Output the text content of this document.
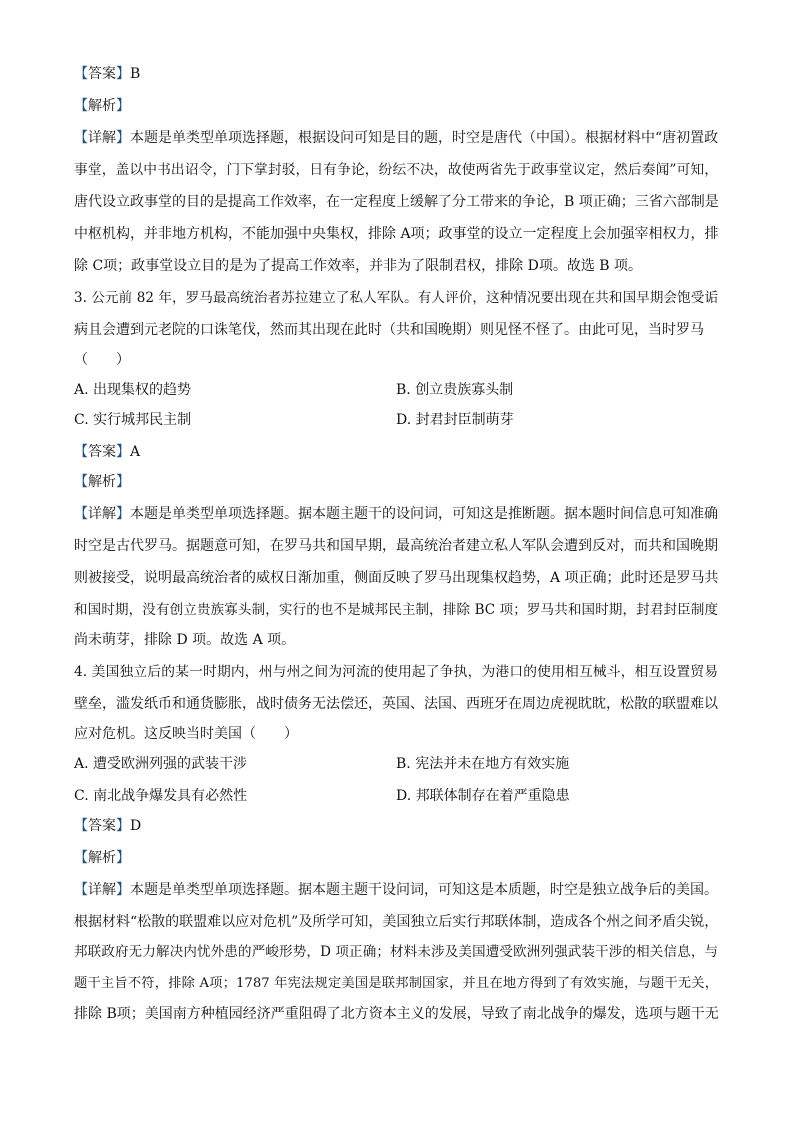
【答案】B
【解析】
【详解】本题是单类型单项选择题，根据设问可知是目的题，时空是唐代（中国）。根据材料中“唐初置政
事堂，盖以中书出诏令，门下掌封驳，日有争论，纷纭不决，故使两省先于政事堂议定，然后奏闻”可知，
唐代设立政事堂的目的是提高工作效率，在一定程度上缓解了分工带来的争论，B 项正确；三省六部制是
中枢机构，并非地方机构，不能加强中央集权，排除 A项；政事堂的设立一定程度上会加强宰相权力，排
除 C项；政事堂设立目的是为了提高工作效率，并非为了限制君权，排除 D项。故选 B 项。
3. 公元前 82 年，罗马最高统治者苏拉建立了私人军队。有人评价，这种情况要出现在共和国早期会饱受诟
病且会遭到元老院的口诛笔伐，然而其出现在此时（共和国晚期）则见怪不怪了。由此可见，当时罗马
（　　）
A. 出现集权的趋势	B. 创立贵族寡头制
C. 实行城邦民主制	D. 封君封臣制萌芽
【答案】A
【解析】
【详解】本题是单类型单项选择题。据本题主题干的设问词，可知这是推断题。据本题时间信息可知准确
时空是古代罗马。据题意可知，在罗马共和国早期，最高统治者建立私人军队会遭到反对，而共和国晚期
则被接受，说明最高统治者的威权日渐加重，侧面反映了罗马出现集权趋势，A 项正确；此时还是罗马共
和国时期，没有创立贵族寡头制，实行的也不是城邦民主制，排除 BC 项；罗马共和国时期，封君封臣制度
尚未萌芽，排除 D 项。故选 A 项。
4. 美国独立后的某一时期内，州与州之间为河流的使用起了争执，为港口的使用相互械斗，相互设置贸易
壁垒，滥发纸币和通货膨胀，战时债务无法偿还，英国、法国、西班牙在周边虎视眈眈，松散的联盟难以
应对危机。这反映当时美国（　　）
A. 遭受欧洲列强的武装干涉	B. 宪法并未在地方有效实施
C. 南北战争爆发具有必然性	D. 邦联体制存在着严重隐患
【答案】D
【解析】
【详解】本题是单类型单项选择题。据本题主题干设问词，可知这是本质题，时空是独立战争后的美国。
根据材料“松散的联盟难以应对危机”及所学可知，美国独立后实行邦联体制，造成各个州之间矛盾尖锐，
邦联政府无力解决内忧外患的严峻形势，D 项正确；材料未涉及美国遭受欧洲列强武装干涉的相关信息，与
题干主旨不符，排除 A项；1787 年宪法规定美国是联邦制国家，并且在地方得到了有效实施，与题干无关，
排除 B项；美国南方种植园经济严重阻碍了北方资本主义的发展，导致了南北战争的爆发，选项与题干无
